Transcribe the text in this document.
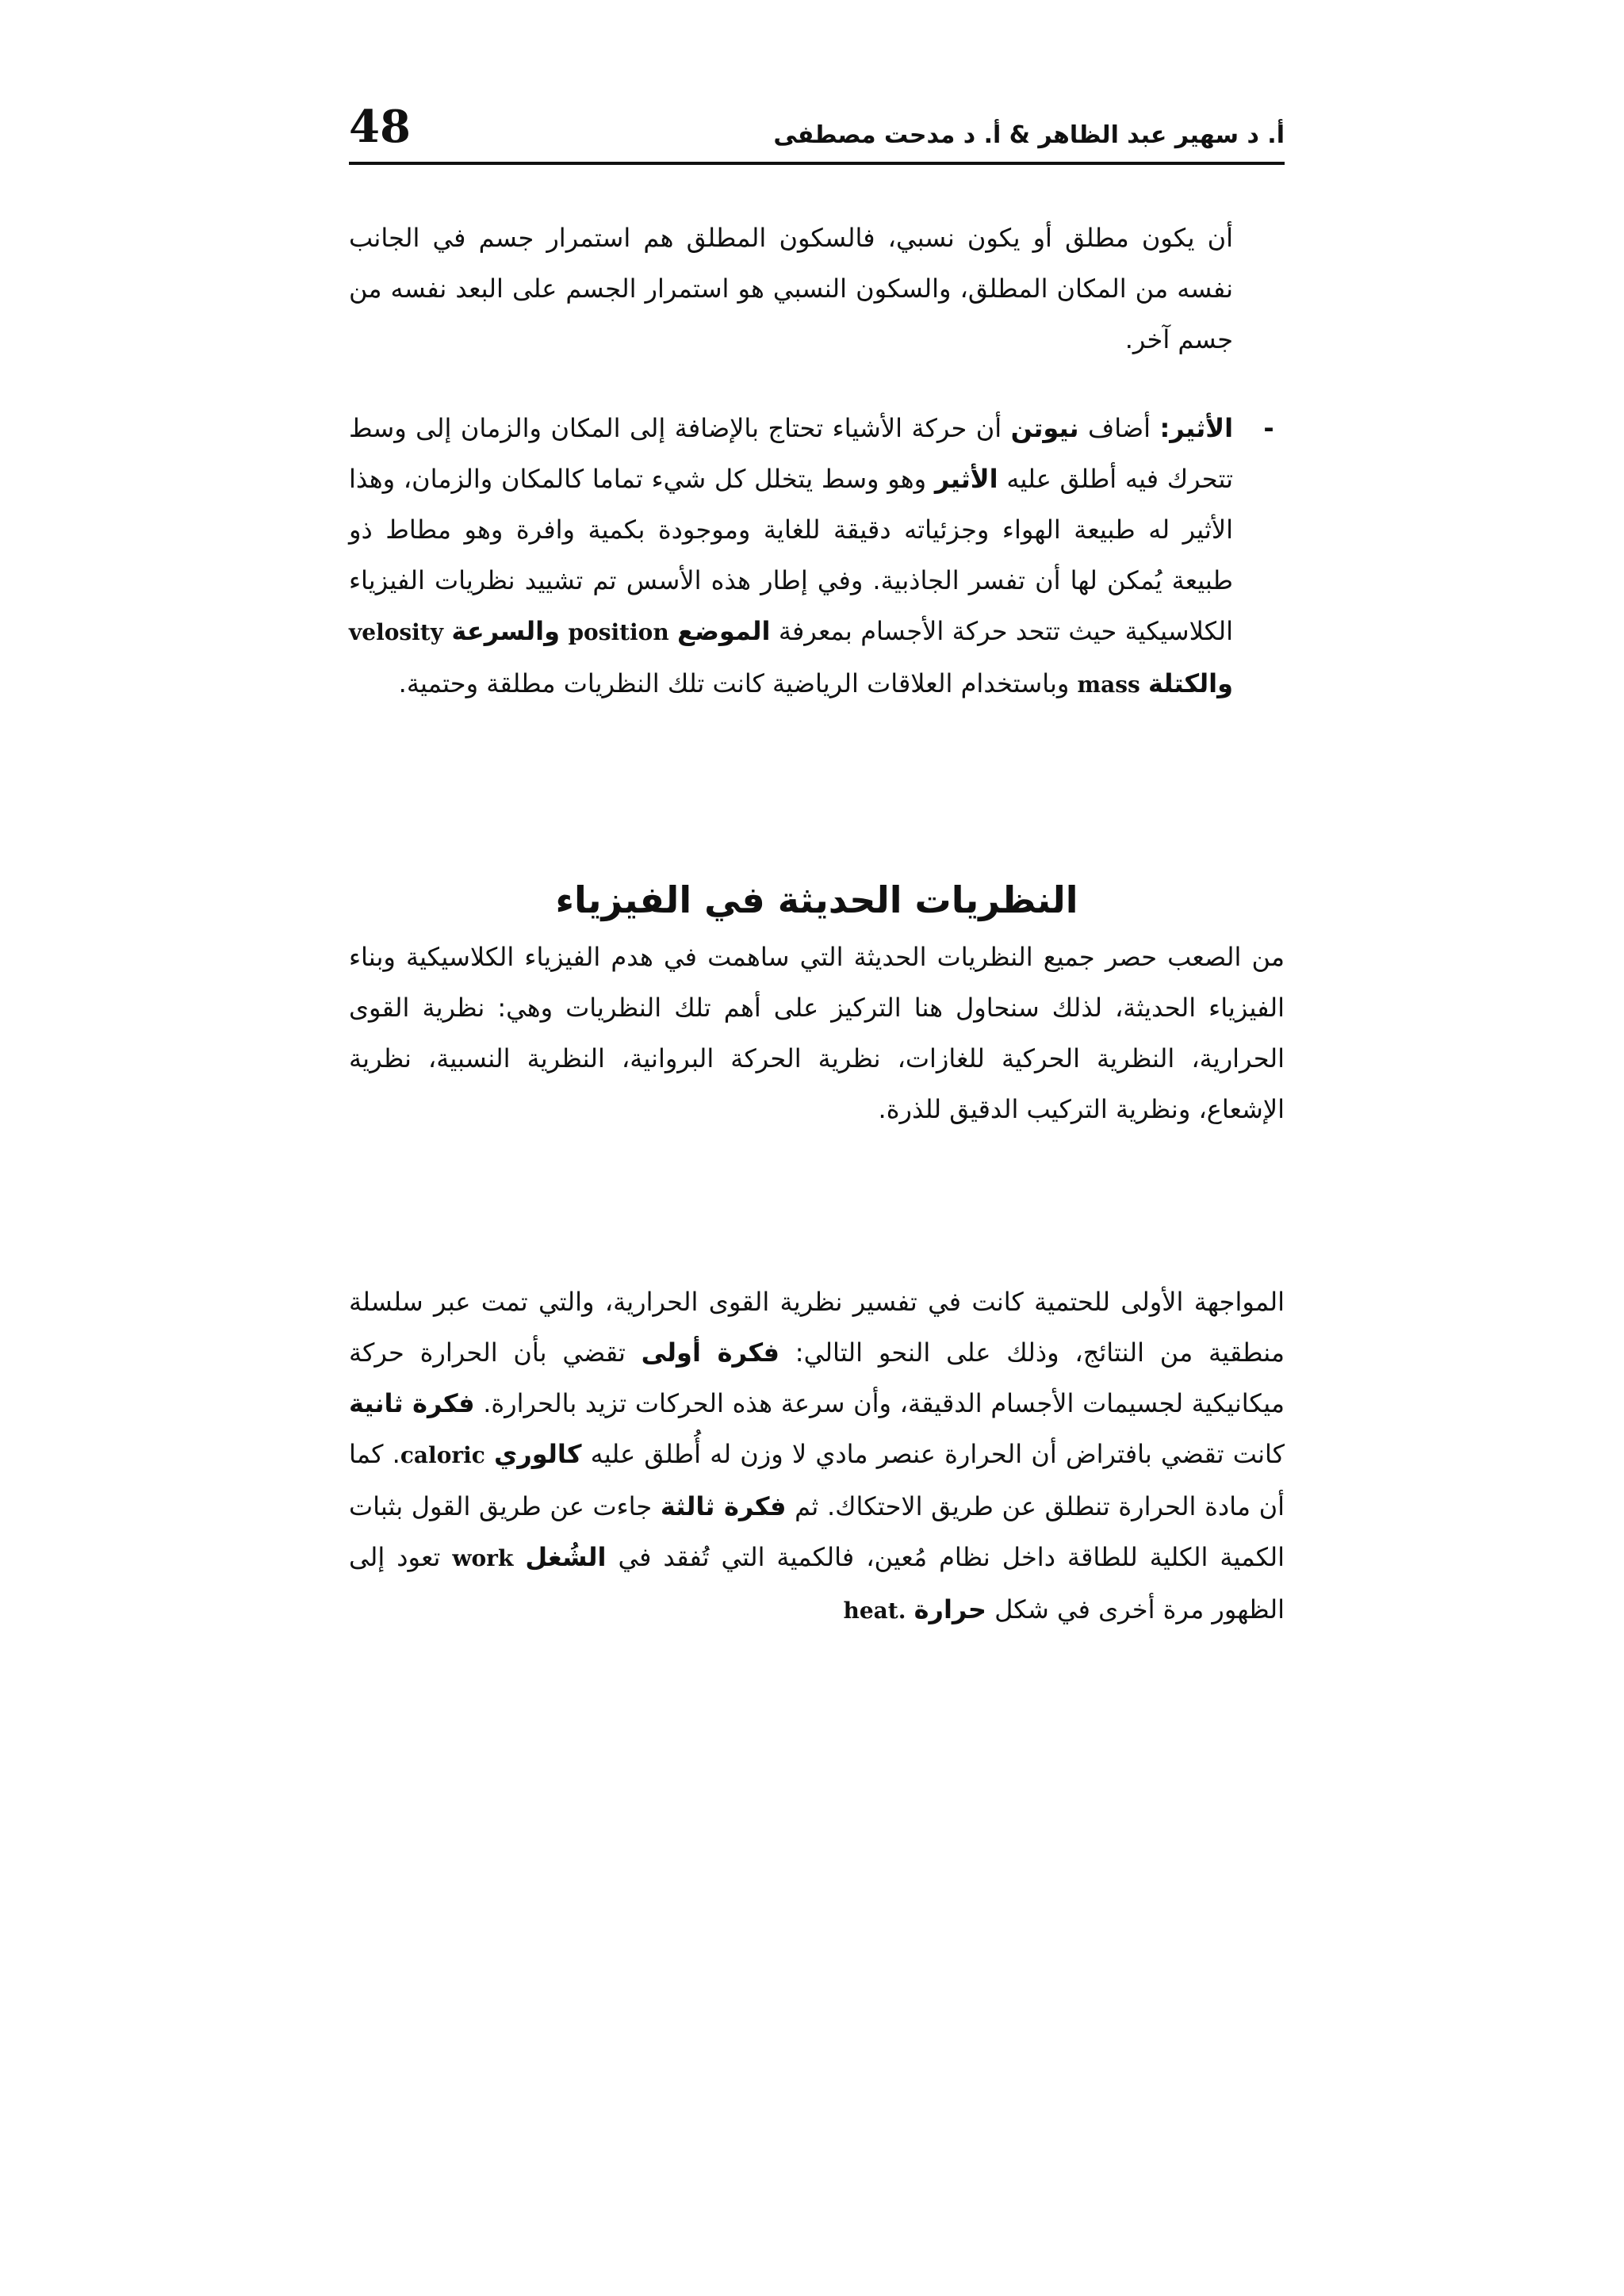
48	أ. د سهير عبد الظاهر & أ. د مدحت مصطفى

أن يكون مطلق أو يكون نسبي، فالسكون المطلق هم استمرار جسم في الجانب نفسه من المكان المطلق، والسكون النسبي هو استمرار الجسم على البعد نفسه من جسم آخر.

-

الأثير: أضاف نيوتن أن حركة الأشياء تحتاج بالإضافة إلى المكان والزمان إلى وسط تتحرك فيه أطلق عليه الأثير وهو وسط يتخلل كل شيء تماما كالمكان والزمان، وهذا الأثير له طبيعة الهواء وجزئياته دقيقة للغاية وموجودة بكمية وافرة وهو مطاط ذو طبيعة يُمكن لها أن تفسر الجاذبية. وفي إطار هذه الأسس تم تشييد نظريات الفيزياء الكلاسيكية حيث تتحد حركة الأجسام بمعرفة الموضع position والسرعة velosity والكتلة mass وباستخدام العلاقات الرياضية كانت تلك النظريات مطلقة وحتمية.

النظريات الحديثة في الفيزياء

من الصعب حصر جميع النظريات الحديثة التي ساهمت في هدم الفيزياء الكلاسيكية وبناء الفيزياء الحديثة، لذلك سنحاول هنا التركيز على أهم تلك النظريات وهي: نظرية القوى الحرارية، النظرية الحركية للغازات، نظرية الحركة البروانية، النظرية النسبية، نظرية الإشعاع، ونظرية التركيب الدقيق للذرة.

المواجهة الأولى للحتمية كانت في تفسير نظرية القوى الحرارية، والتي تمت عبر سلسلة منطقية من النتائج، وذلك على النحو التالي: فكرة أولى تقضي بأن الحرارة حركة ميكانيكية لجسيمات الأجسام الدقيقة، وأن سرعة هذه الحركات تزيد بالحرارة. فكرة ثانية كانت تقضي بافتراض أن الحرارة عنصر مادي لا وزن له أُطلق عليه كالوري caloric. كما أن مادة الحرارة تنطلق عن طريق الاحتكاك. ثم فكرة ثالثة جاءت عن طريق القول بثبات الكمية الكلية للطاقة داخل نظام مُعين، فالكمية التي تُفقد في الشُغل work تعود إلى الظهور مرة أخرى في شكل حرارة heat.
